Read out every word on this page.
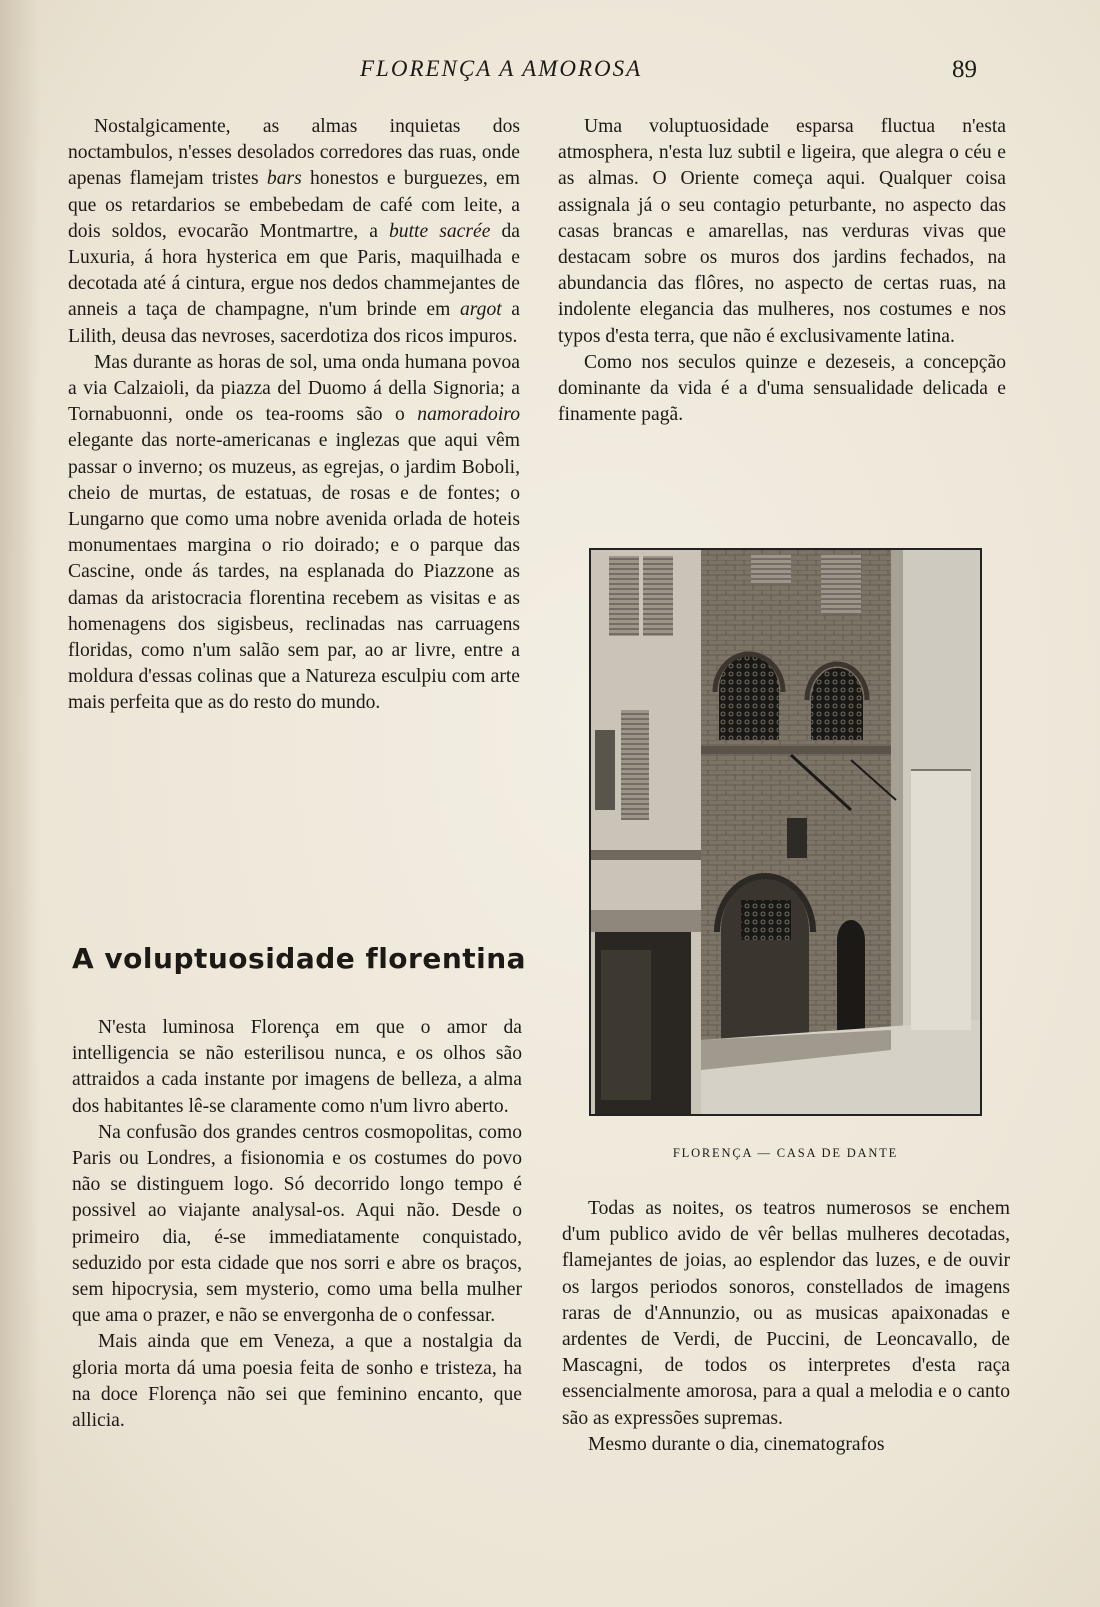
FLORENÇA A AMOROSA	89

Nostalgicamente, as almas inquietas dos noctambulos, n'esses desolados corredores das ruas, onde apenas flamejam tristes bars honestos e burguezes, em que os retardarios se embebedam de café com leite, a dois soldos, evocarão Montmartre, a butte sacrée da Luxuria, á hora hysterica em que Paris, maquilhada e decotada até á cintura, ergue nos dedos chammejantes de anneis a taça de champagne, n'um brinde em argot a Lilith, deusa das nevroses, sacerdotiza dos ricos impuros.

Mas durante as horas de sol, uma onda humana povoa a via Calzaioli, da piazza del Duomo á della Signoria; a Tornabuonni, onde os tea-rooms são o namoradoiro elegante das norte-americanas e inglezas que aqui vêm passar o inverno; os muzeus, as egrejas, o jardim Boboli, cheio de murtas, de estatuas, de rosas e de fontes; o Lungarno que como uma nobre avenida orlada de hoteis monumentaes margina o rio doirado; e o parque das Cascine, onde ás tardes, na esplanada do Piazzone as damas da aristocracia florentina recebem as visitas e as homenagens dos sigisbeus, reclinadas nas carruagens floridas, como n'um salão sem par, ao ar livre, entre a moldura d'essas colinas que a Natureza esculpiu com arte mais perfeita que as do resto do mundo.

A voluptuosidade florentina

N'esta luminosa Florença em que o amor da intelligencia se não esterilisou nunca, e os olhos são attraidos a cada instante por imagens de belleza, a alma dos habitantes lê-se claramente como n'um livro aberto.

Na confusão dos grandes centros cosmopolitas, como Paris ou Londres, a fisionomia e os costumes do povo não se distinguem logo. Só decorrido longo tempo é possivel ao viajante analysal-os. Aqui não. Desde o primeiro dia, é-se immediatamente conquistado, seduzido por esta cidade que nos sorri e abre os braços, sem hipocrysia, sem mysterio, como uma bella mulher que ama o prazer, e não se envergonha de o confessar.

Mais ainda que em Veneza, a que a nostalgia da gloria morta dá uma poesia feita de sonho e tristeza, ha na doce Florença não sei que feminino encanto, que allicia.

Uma voluptuosidade esparsa fluctua n'esta atmosphera, n'esta luz subtil e ligeira, que alegra o céu e as almas. O Oriente começa aqui. Qualquer coisa assignala já o seu contagio peturbante, no aspecto das casas brancas e amarellas, nas verduras vivas que destacam sobre os muros dos jardins fechados, na abundancia das flôres, no aspecto de certas ruas, na indolente elegancia das mulheres, nos costumes e nos typos d'esta terra, que não é exclusivamente latina.

Como nos seculos quinze e dezeseis, a concepção dominante da vida é a d'uma sensualidade delicada e finamente pagã.

FLORENÇA — CASA DE DANTE

Todas as noites, os teatros numerosos se enchem d'um publico avido de vêr bellas mulheres decotadas, flamejantes de joias, ao esplendor das luzes, e de ouvir os largos periodos sonoros, constellados de imagens raras de d'Annunzio, ou as musicas apaixonadas e ardentes de Verdi, de Puccini, de Leoncavallo, de Mascagni, de todos os interpretes d'esta raça essencialmente amorosa, para a qual a melodia e o canto são as expressões supremas.

Mesmo durante o dia, cinematografos
